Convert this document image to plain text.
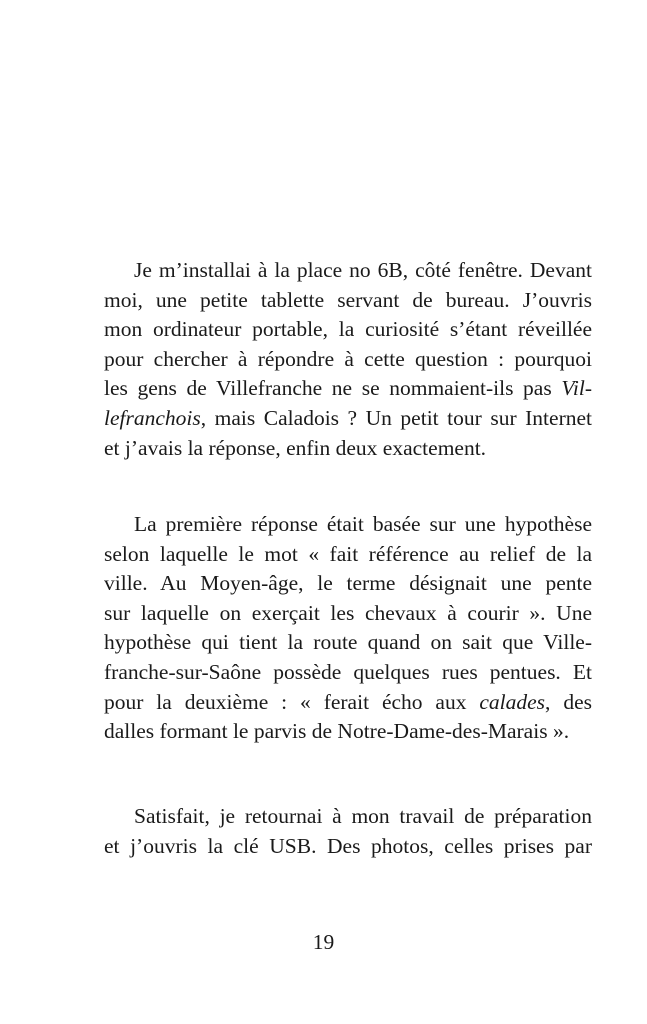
Je m’installai à la place no 6B, côté fenêtre. Devant
moi, une petite tablette servant de bureau. J’ouvris
mon ordinateur portable, la curiosité s’étant réveillée
pour chercher à répondre à cette question : pourquoi
les gens de Villefranche ne se nommaient-ils pas Vil-
lefranchois, mais Caladois ? Un petit tour sur Internet
et j’avais la réponse, enfin deux exactement.

La première réponse était basée sur une hypothèse
selon laquelle le mot « fait référence au relief de la
ville. Au Moyen-âge, le terme désignait une pente
sur laquelle on exerçait les chevaux à courir ». Une
hypothèse qui tient la route quand on sait que Ville-
franche-sur-Saône possède quelques rues pentues. Et
pour la deuxième : « ferait écho aux calades, des
dalles formant le parvis de Notre-Dame-des-Marais ».

Satisfait, je retournai à mon travail de préparation
et j’ouvris la clé USB. Des photos, celles prises par

19
